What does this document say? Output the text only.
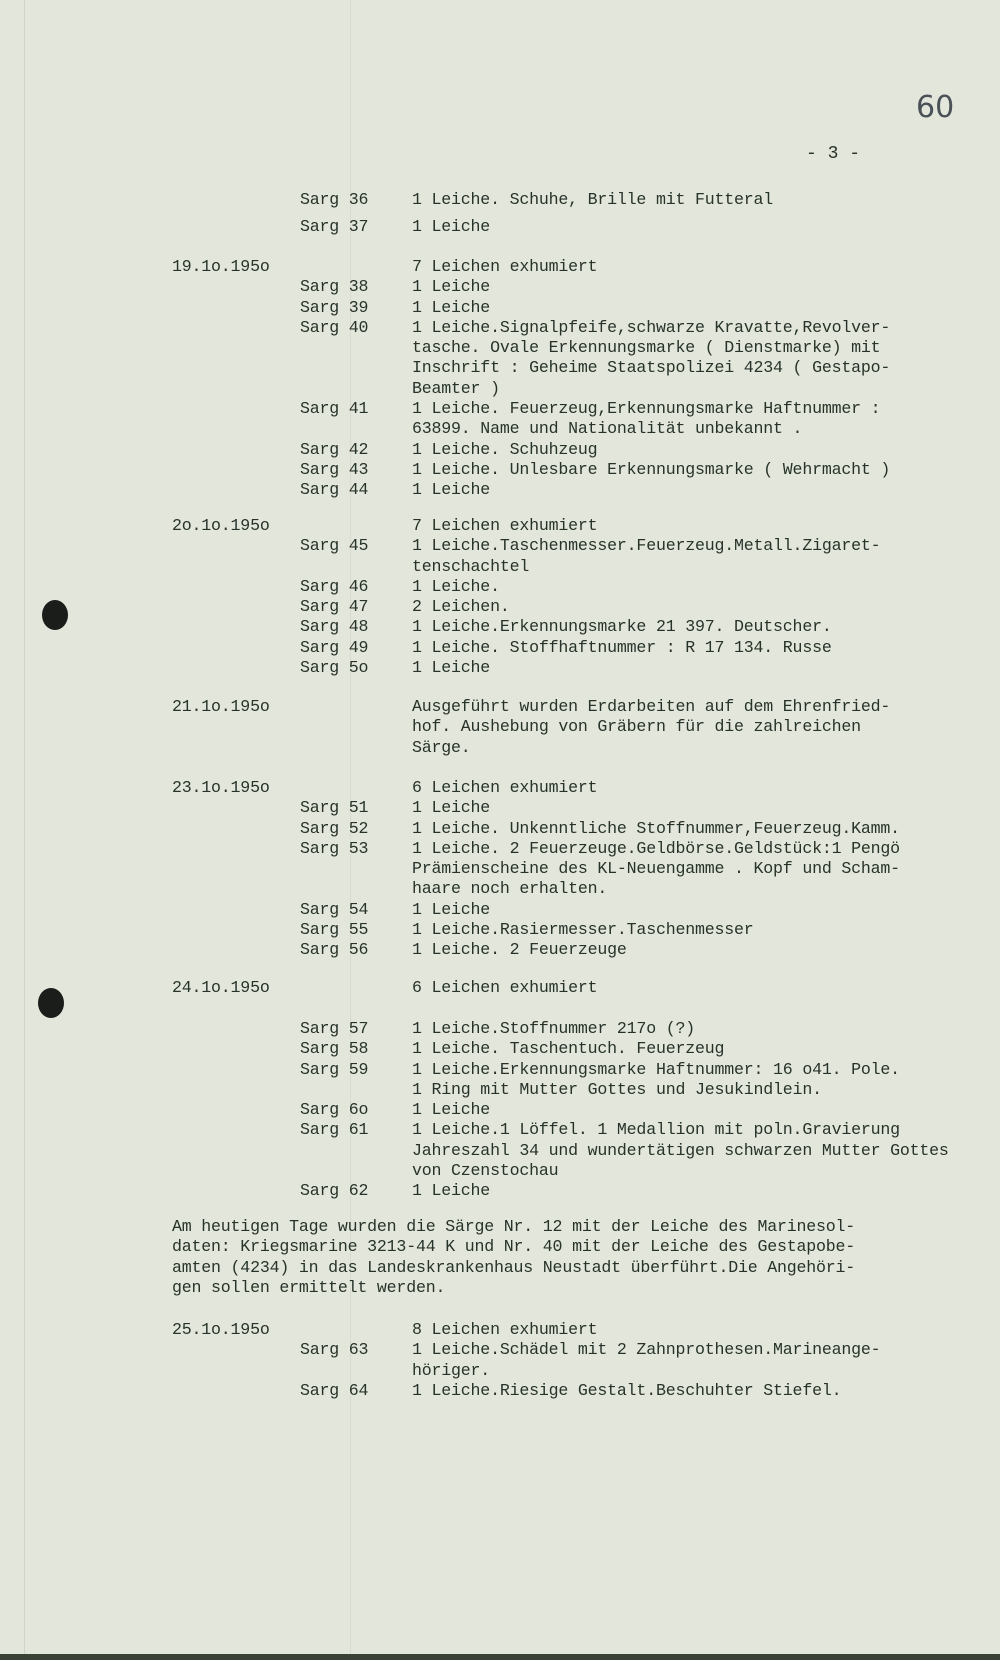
60
- 3 -
Sarg 36	1 Leiche. Schuhe, Brille mit Futteral
Sarg 37	1 Leiche
19.1o.195o	7 Leichen exhumiert
Sarg 38	1 Leiche
Sarg 39	1 Leiche
Sarg 40	1 Leiche.Signalpfeife,schwarze Kravatte,Revolver-
tasche. Ovale Erkennungsmarke ( Dienstmarke) mit
Inschrift : Geheime Staatspolizei 4234 ( Gestapo-
Beamter )
Sarg 41	1 Leiche. Feuerzeug,Erkennungsmarke Haftnummer :
63899. Name und Nationalität unbekannt .
Sarg 42	1 Leiche. Schuhzeug
Sarg 43	1 Leiche. Unlesbare Erkennungsmarke ( Wehrmacht )
Sarg 44	1 Leiche
2o.1o.195o	7 Leichen exhumiert
Sarg 45	1 Leiche.Taschenmesser.Feuerzeug.Metall.Zigaret-
tenschachtel
Sarg 46	1 Leiche.
Sarg 47	2 Leichen.
Sarg 48	1 Leiche.Erkennungsmarke 21 397. Deutscher.
Sarg 49	1 Leiche. Stoffhaftnummer : R 17 134. Russe
Sarg 5o	1 Leiche
21.1o.195o	Ausgeführt wurden Erdarbeiten auf dem Ehrenfried-
hof. Aushebung von Gräbern für die zahlreichen
Särge.
23.1o.195o	6 Leichen exhumiert
Sarg 51	1 Leiche
Sarg 52	1 Leiche. Unkenntliche Stoffnummer,Feuerzeug.Kamm.
Sarg 53	1 Leiche. 2 Feuerzeuge.Geldbörse.Geldstück:1 Pengö
Prämienscheine des KL-Neuengamme . Kopf und Scham-
haare noch erhalten.
Sarg 54	1 Leiche
Sarg 55	1 Leiche.Rasiermesser.Taschenmesser
Sarg 56	1 Leiche. 2 Feuerzeuge
24.1o.195o	6 Leichen exhumiert
Sarg 57	1 Leiche.Stoffnummer 217o (?)
Sarg 58	1 Leiche. Taschentuch. Feuerzeug
Sarg 59	1 Leiche.Erkennungsmarke Haftnummer: 16 o41. Pole.
1 Ring mit Mutter Gottes und Jesukindlein.
Sarg 6o	1 Leiche
Sarg 61	1 Leiche.1 Löffel. 1 Medallion mit poln.Gravierung
Jahreszahl 34 und wundertätigen schwarzen Mutter Gottes
von Czenstochau
Sarg 62	1 Leiche
25.1o.195o	8 Leichen exhumiert
Sarg 63	1 Leiche.Schädel mit 2 Zahnprothesen.Marineange-
höriger.
Sarg 64	1 Leiche.Riesige Gestalt.Beschuhter Stiefel.
Am heutigen Tage wurden die Särge Nr. 12 mit der Leiche des Marinesol-
daten: Kriegsmarine 3213-44 K und Nr. 40 mit der Leiche des Gestapobe-
amten (4234) in das Landeskrankenhaus Neustadt überführt.Die Angehöri-
gen sollen ermittelt werden.
